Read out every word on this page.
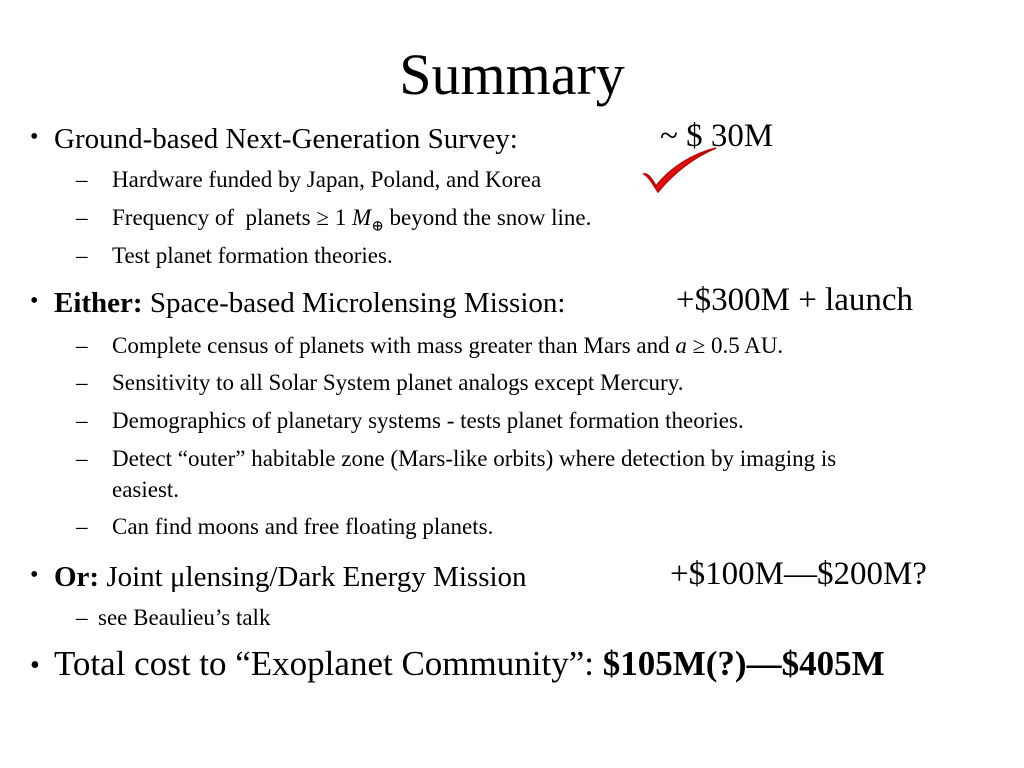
Summary
• Ground-based Next-Generation Survey:	~ $ 30M
– Hardware funded by Japan, Poland, and Korea
– Frequency of  planets ≥ 1 $M_\oplus$ beyond the snow line.
– Test planet formation theories.
• Either: Space-based Microlensing Mission:	+$300M + launch
– Complete census of planets with mass greater than Mars and a ≥ 0.5 AU.
– Sensitivity to all Solar System planet analogs except Mercury.
– Demographics of planetary systems - tests planet formation theories.
– Detect “outer” habitable zone (Mars-like orbits) where detection by imaging is
easiest.
– Can find moons and free floating planets.
• Or: Joint μlensing/Dark Energy Mission	+$100M—$200M?
– see Beaulieu’s talk
• Total cost to “Exoplanet Community”: $105M(?)—$405M
